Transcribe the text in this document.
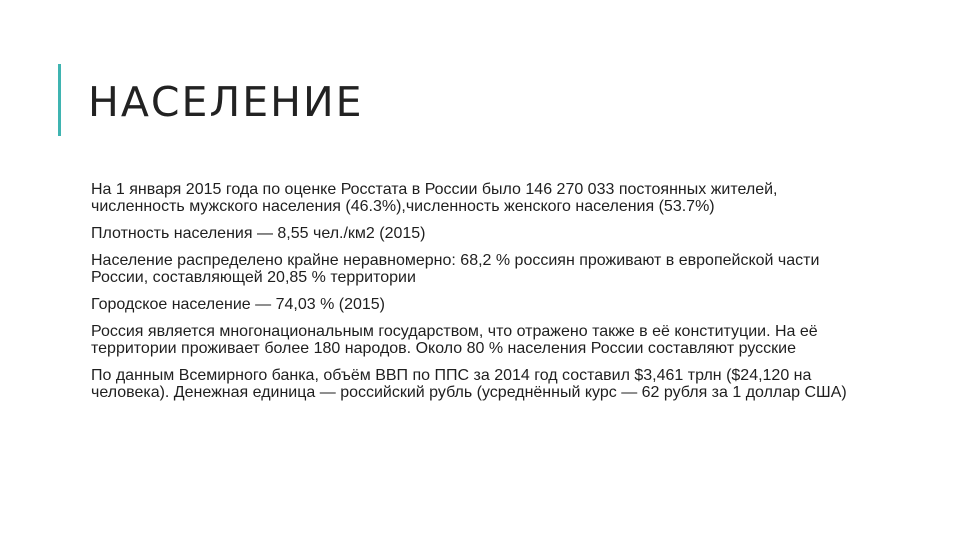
НАСЕЛЕНИЕ
На 1 января 2015 года по оценке Росстата в России было 146 270 033 постоянных жителей, численность мужского населения (46.3%),численность женского населения (53.7%)
Плотность населения — 8,55 чел./км2 (2015)
Население распределено крайне неравномерно: 68,2 % россиян проживают в европейской части России, составляющей 20,85 % территории
Городское население — 74,03 % (2015)
Россия является многонациональным государством, что отражено также в её конституции. На её территории проживает более 180 народов. Около 80 % населения России составляют русские
По данным Всемирного банка, объём ВВП по ППС за 2014 год составил $3,461 трлн ($24,120 на человека). Денежная единица — российский рубль (усреднённый курс — 62 рубля за 1 доллар США)
